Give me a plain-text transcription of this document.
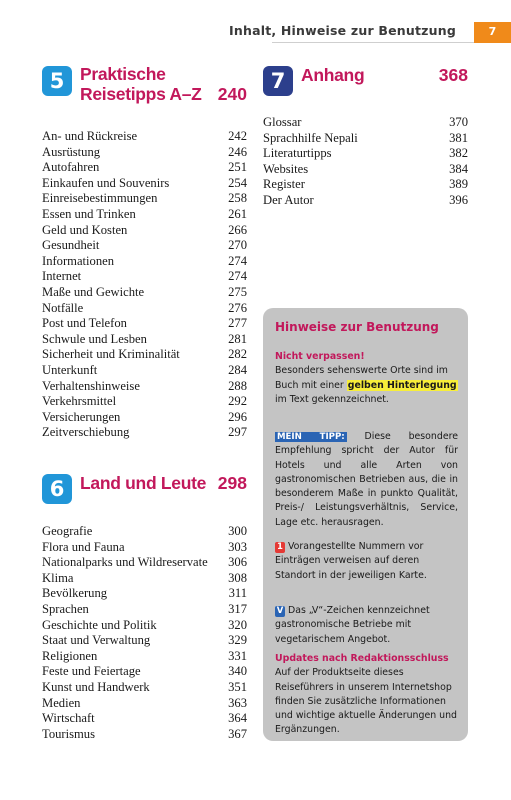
Inhalt, Hinweise zur Benutzung	7
5 Praktische
Reisetipps A–Z 240
An- und Rückreise	242
Ausrüstung	246
Autofahren	251
Einkaufen und Souvenirs	254
Einreisebestimmungen	258
Essen und Trinken	261
Geld und Kosten	266
Gesundheit	270
Informationen	274
Internet	274
Maße und Gewichte	275
Notfälle	276
Post und Telefon	277
Schwule und Lesben	281
Sicherheit und Kriminalität	282
Unterkunft	284
Verhaltenshinweise	288
Verkehrsmittel	292
Versicherungen	296
Zeitverschiebung	297
6 Land und Leute 298
Geografie	300
Flora und Fauna	303
Nationalparks und Wildreservate 306
Klima	308
Bevölkerung	311
Sprachen	317
Geschichte und Politik	320
Staat und Verwaltung	329
Religionen	331
Feste und Feiertage	340
Kunst und Handwerk	351
Medien	363
Wirtschaft	364
Tourismus	367
7 Anhang	368
Glossar	370
Sprachhilfe Nepali	381
Literaturtipps	382
Websites	384
Register	389
Der Autor	396
Hinweise zur Benutzung
Nicht verpassen!
Besonders sehenswerte Orte sind im Buch mit einer gelben Hinterlegung im Text gekennzeichnet.
MEIN TIPP: Diese besondere Empfehlung spricht der Autor für Hotels und alle Arten von gastronomischen Betrieben aus, die in besonderem Maße in punkto Qualität, Preis-/ Leistungsverhältnis, Service, Lage etc. herausragen.
1 Vorangestellte Nummern vor Einträgen verweisen auf deren Standort in der jeweiligen Karte.
V Das „V“-Zeichen kennzeichnet gastronomische Betriebe mit vegetarischem Angebot.
Updates nach Redaktionsschluss
Auf der Produktseite dieses Reiseführers in unserem Internetshop finden Sie zusätzliche Informationen und wichtige aktuelle Änderungen und Ergänzungen.
